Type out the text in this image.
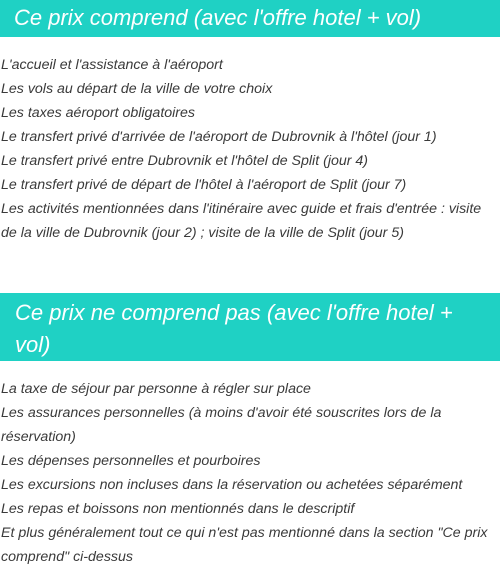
Ce prix comprend (avec l'offre hotel + vol)
L'accueil et l'assistance à l'aéroport
Les vols au départ de la ville de votre choix
Les taxes aéroport obligatoires
Le transfert privé d'arrivée de l'aéroport de Dubrovnik à l'hôtel (jour 1)
Le transfert privé entre Dubrovnik et l'hôtel de Split (jour 4)
Le transfert privé de départ de l'hôtel à l'aéroport de Split (jour 7)
Les activités mentionnées dans l'itinéraire avec guide et frais d'entrée : visite de la ville de Dubrovnik (jour 2) ; visite de la ville de Split (jour 5)
Ce prix ne comprend pas (avec l'offre hotel + vol)
La taxe de séjour par personne à régler sur place
Les assurances personnelles (à moins d'avoir été souscrites lors de la réservation)
Les dépenses personnelles et pourboires
Les excursions non incluses dans la réservation ou achetées séparément
Les repas et boissons non mentionnés dans le descriptif
Et plus généralement tout ce qui n'est pas mentionné dans la section "Ce prix comprend" ci-dessus
